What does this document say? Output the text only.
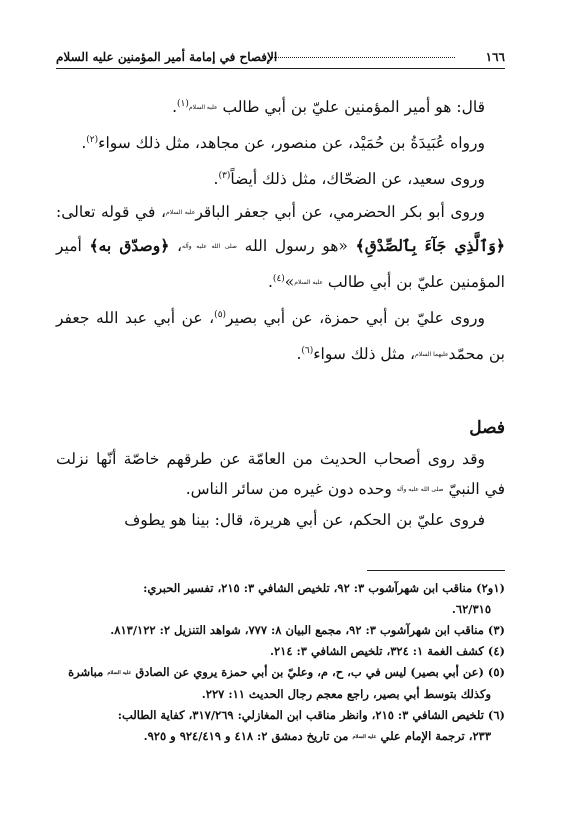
١٦٦
الإفصاح في إمامة أمير المؤمنين عليه السلام

قال: هو أمير المؤمنين عليّ بن أبي طالب عليه السلام$^{(١)}$.

ورواه عُبَيدَةُ بن حُمَيْد، عن منصور، عن مجاهد، مثل ذلك سواء$^{(٢)}$.

وروى سعيد، عن الضحّاك، مثل ذلك أيضاً$^{(٣)}$.

وروى أبو بكر الحضرمي، عن أبي جعفر الباقرعليه السلام، في قوله تعالى: ﴿وَٱلَّذِي جَآءَ بِٱلصِّدْقِ﴾ «هو رسول الله صلى الله عليه وآله، ﴿وصدّق به﴾ أمير المؤمنين عليّ بن أبي طالب عليه السلام»$^{(٤)}$.

وروى عليّ بن أبي حمزة، عن أبي بصير$^{(٥)}$، عن أبي عبد الله جعفر بن محمّدعليهما السلام، مثل ذلك سواء$^{(٦)}$.

فصل

وقد روى أصحاب الحديث من العامّة عن طرقهم خاصّة أنّها نزلت في النبيّ صلى الله عليه وآله وحده دون غيره من سائر الناس.

فروى عليّ بن الحكم، عن أبي هريرة، قال: بينا هو يطوف

(١و٢) مناقب ابن شهرآشوب ٣: ٩٢، تلخيص الشافي ٣: ٢١٥، تفسير الحبري:

٦٢/٣١٥.

(٣) مناقب ابن شهرآشوب ٣: ٩٢، مجمع البيان ٨: ٧٧٧، شواهد التنزيل ٢: ٨١٣/١٢٢.

(٤) كشف الغمة ١: ٣٢٤، تلخيص الشافي ٣: ٢١٤.

(٥) (عن أبي بصير) ليس في ب، ح، م، وعليّ بن أبي حمزة يروي عن الصادق عليه السلام مباشرة

وكذلك بتوسط أبي بصير، راجع معجم رجال الحديث ١١: ٢٢٧.

(٦) تلخيص الشافي ٣: ٢١٥، وانظر مناقب ابن المغازلي: ٣١٧/٢٦٩، كفاية الطالب:

٢٣٣، ترجمة الإمام علي عليه السلام من تاريخ دمشق ٢: ٤١٨ و ٩٢٤/٤١٩ و ٩٢٥.
